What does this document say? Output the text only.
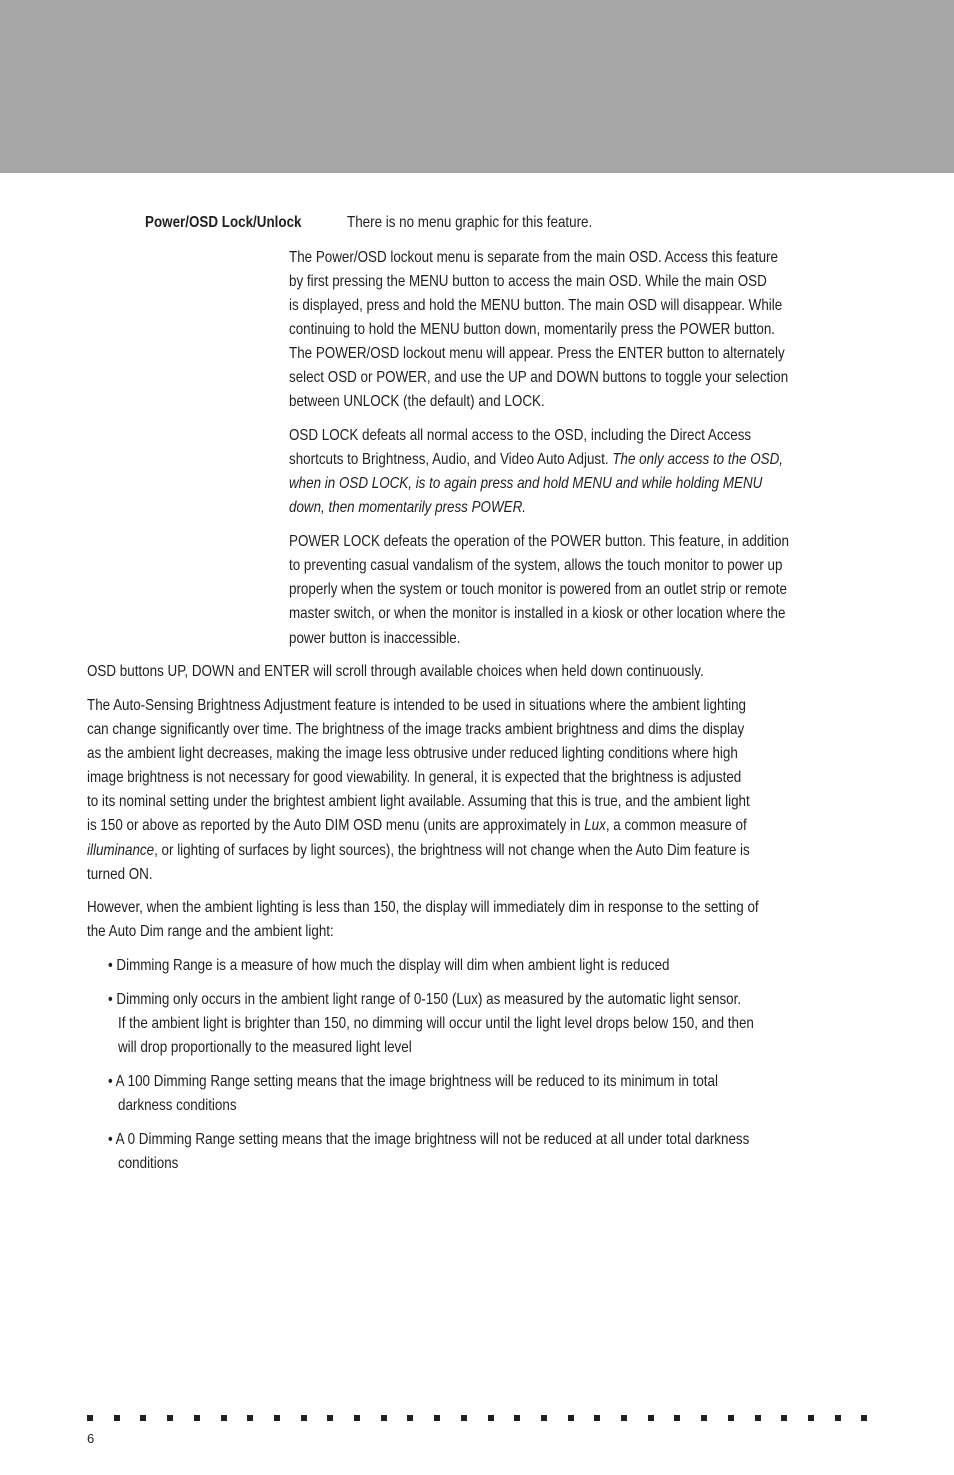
Power/OSD Lock/Unlock	There is no menu graphic for this feature.
The Power/OSD lockout menu is separate from the main OSD. Access this feature
by first pressing the MENU button to access the main OSD. While the main OSD
is displayed, press and hold the MENU button. The main OSD will disappear. While
continuing to hold the MENU button down, momentarily press the POWER button.
The POWER/OSD lockout menu will appear. Press the ENTER button to alternately
select OSD or POWER, and use the UP and DOWN buttons to toggle your selection
between UNLOCK (the default) and LOCK.
OSD LOCK defeats all normal access to the OSD, including the Direct Access
shortcuts to Brightness, Audio, and Video Auto Adjust. The only access to the OSD,
when in OSD LOCK, is to again press and hold MENU and while holding MENU
down, then momentarily press POWER.
POWER LOCK defeats the operation of the POWER button. This feature, in addition
to preventing casual vandalism of the system, allows the touch monitor to power up
properly when the system or touch monitor is powered from an outlet strip or remote
master switch, or when the monitor is installed in a kiosk or other location where the
power button is inaccessible.
OSD buttons UP, DOWN and ENTER will scroll through available choices when held down continuously.
The Auto-Sensing Brightness Adjustment feature is intended to be used in situations where the ambient lighting
can change significantly over time. The brightness of the image tracks ambient brightness and dims the display
as the ambient light decreases, making the image less obtrusive under reduced lighting conditions where high
image brightness is not necessary for good viewability. In general, it is expected that the brightness is adjusted
to its nominal setting under the brightest ambient light available. Assuming that this is true, and the ambient light
is 150 or above as reported by the Auto DIM OSD menu (units are approximately in Lux, a common measure of
illuminance, or lighting of surfaces by light sources), the brightness will not change when the Auto Dim feature is
turned ON.
However, when the ambient lighting is less than 150, the display will immediately dim in response to the setting of
the Auto Dim range and the ambient light:
• Dimming Range is a measure of how much the display will dim when ambient light is reduced
• Dimming only occurs in the ambient light range of 0-150 (Lux) as measured by the automatic light sensor.
If the ambient light is brighter than 150, no dimming will occur until the light level drops below 150, and then
will drop proportionally to the measured light level
• A 100 Dimming Range setting means that the image brightness will be reduced to its minimum in total
darkness conditions
• A 0 Dimming Range setting means that the image brightness will not be reduced at all under total darkness
conditions
6
